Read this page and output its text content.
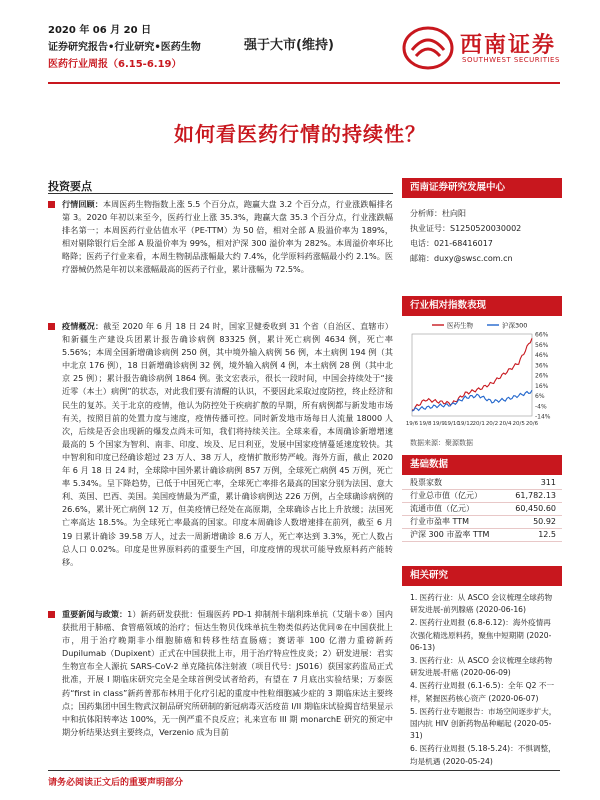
2020 年 06 月 20 日
证券研究报告•行业研究•医药生物
医药行业周报（6.15-6.19）
强于大市(维持)	西南证券
SOUTHWEST SECURITIES
如何看医药行情的持续性？
投资要点
行情回顾：本周医药生物指数上涨 5.5 个百分点，跑赢大盘 3.2 个百分点，行业涨跌幅排名第 3。2020 年初以来至今，医药行业上涨 35.3%，跑赢大盘 35.3 个百分点，行业涨跌幅排名第一；本周医药行业估值水平（PE-TTM）为 50 倍，相对全部 A 股溢价率为 189%，相对剔除银行后全部 A 股溢价率为 99%，相对沪深 300 溢价率为 282%。本周溢价率环比略降；医药子行业来看，本周生物制品涨幅最大约 7.4%，化学原料药涨幅最小约 2.1%。医疗器械仍然是年初以来涨幅最高的医药子行业，累计涨幅为 72.5%。
疫情概况：截至 2020 年 6 月 18 日 24 时，国家卫健委收到 31 个省（自治区、直辖市）和新疆生产建设兵团累计报告确诊病例 83325 例，累计死亡病例 4634 例，死亡率 5.56%；本周全国新增确诊病例 250 例，其中境外输入病例 56 例，本土病例 194 例（其中北京 176 例），18 日新增确诊病例 32 例，境外输入病例 4 例，本土病例 28 例（其中北京 25 例）；累计报告确诊病例 1864 例。张文宏表示，很长一段时间，中国会持续处于“接近零（本土）病例”的状态，对此我们要有清醒的认识，不要因此采取过度防控，终止经济和民生的复苏。关于北京的疫情，他认为防控处于疾病扩散的早期，所有病例都与新发地市场有关，按照目前的处置力度与速度，疫情传播可控。同时新发地市场每日人流量 18000 人次，后续是否会出现新的爆发点尚未可知，我们将持续关注。全球来看，本周确诊新增增速最高的 5 个国家为智利、南非、印度、埃及、尼日利亚，发展中国家疫情蔓延速度较快。其中智利和印度已经确诊超过 23 万人、38 万人，疫情扩散形势严峻。海外方面，截止 2020 年 6 月 18 日 24 时，全球除中国外累计确诊病例 857 万例，全球死亡病例 45 万例，死亡率 5.34%。呈下降趋势，已低于中国死亡率，全球死亡率排名最高的国家分别为法国、意大利、英国、巴西、美国。美国疫情最为严重，累计确诊病例达 226 万例，占全球确诊病例的 26.6%，累计死亡病例 12 万，但美疫情已经处在高原期，全球确诊占比上升放缓；法国死亡率高达 18.5%。为全球死亡率最高的国家。印度本周确诊人数增速排在前列，截至 6 月 19 日累计确诊 39.58 万人，过去一周新增确诊 8.6 万人，死亡率达到 3.3%，死亡人数占总人口 0.02%。印度是世界原料药的重要生产国，印度疫情的现状可能导致原料药产能转移。
重要新闻与政策：1）新药研发获批：恒瑞医药 PD-1 抑制剂卡瑞利珠单抗（艾瑞卡®）国内获批用于肺癌、食管癌领域的治疗；恒达生物贝伐珠单抗生物类似药达优同®在中国获批上市，用于治疗晚期非小细胞肺癌和转移性结直肠癌；赛诺菲 100 亿潜力重磅新药 Dupilumab（Dupixent）正式在中国获批上市，用于治疗特应性皮炎；2）研发进展：君实生物宣布全人源抗 SARS-CoV-2 单克隆抗体注射液（项目代号：JS016）获国家药监局正式批准，开展 I 期临床研究完全是全球首例受试者给药，有望在 7 月底出实验结果；万泰医药“first in class”新药普那布林用于化疗引起的重度中性粒细胞减少症的 3 期临床达主要终点；国药集团中国生物武汉制品研究所研制的新冠病毒灭活疫苗 I/II 期临床试验揭盲结果显示中和抗体阳转率达 100%，无一例严重不良反应；礼来宣布 III 期 monarchE 研究的预定中期分析结果达到主要终点，Verzenio 成为目前
西南证券研究发展中心
分析师：杜向阳
执业证号：S1250520030002
电话：021-68416017
邮箱：duxy@swsc.com.cn
行业相对指数表现
66%
56%
46%
36%
26%
16%
6%
-4%
-14%
19/6 19/8 19/9 19/10
19/12 20/1 20/2 20/4 20/5 20/6
医药生物	沪深300
数据来源：聚源数据
基础数据
股票家数	311
行业总市值（亿元）	61,782.13
流通市值（亿元）	60,450.60
行业市盈率 TTM	50.92
沪深 300 市盈率 TTM	12.5
相关研究
1. 医药行业：从 ASCO 会议梳理全球药物研发进展-前列腺癌 (2020-06-16)
2. 医药行业周报 (6.8-6.12)：海外疫情再次强化精选原料药，聚焦中短期期 (2020-06-13)
3. 医药行业：从 ASCO 会议梳理全球药物研发进展-肝癌 (2020-06-09)
4. 医药行业周报 (6.1-6.5)：全年 Q2 不一样，紧握医药核心资产 (2020-06-07)
5. 医药行业专题报告：市场空间逐步扩大，国内抗 HIV 创新药物品种崛起 (2020-05-31)
6. 医药行业周报 (5.18-5.24)：不惧调整，均是机遇 (2020-05-24)
请务必阅读正文后的重要声明部分
